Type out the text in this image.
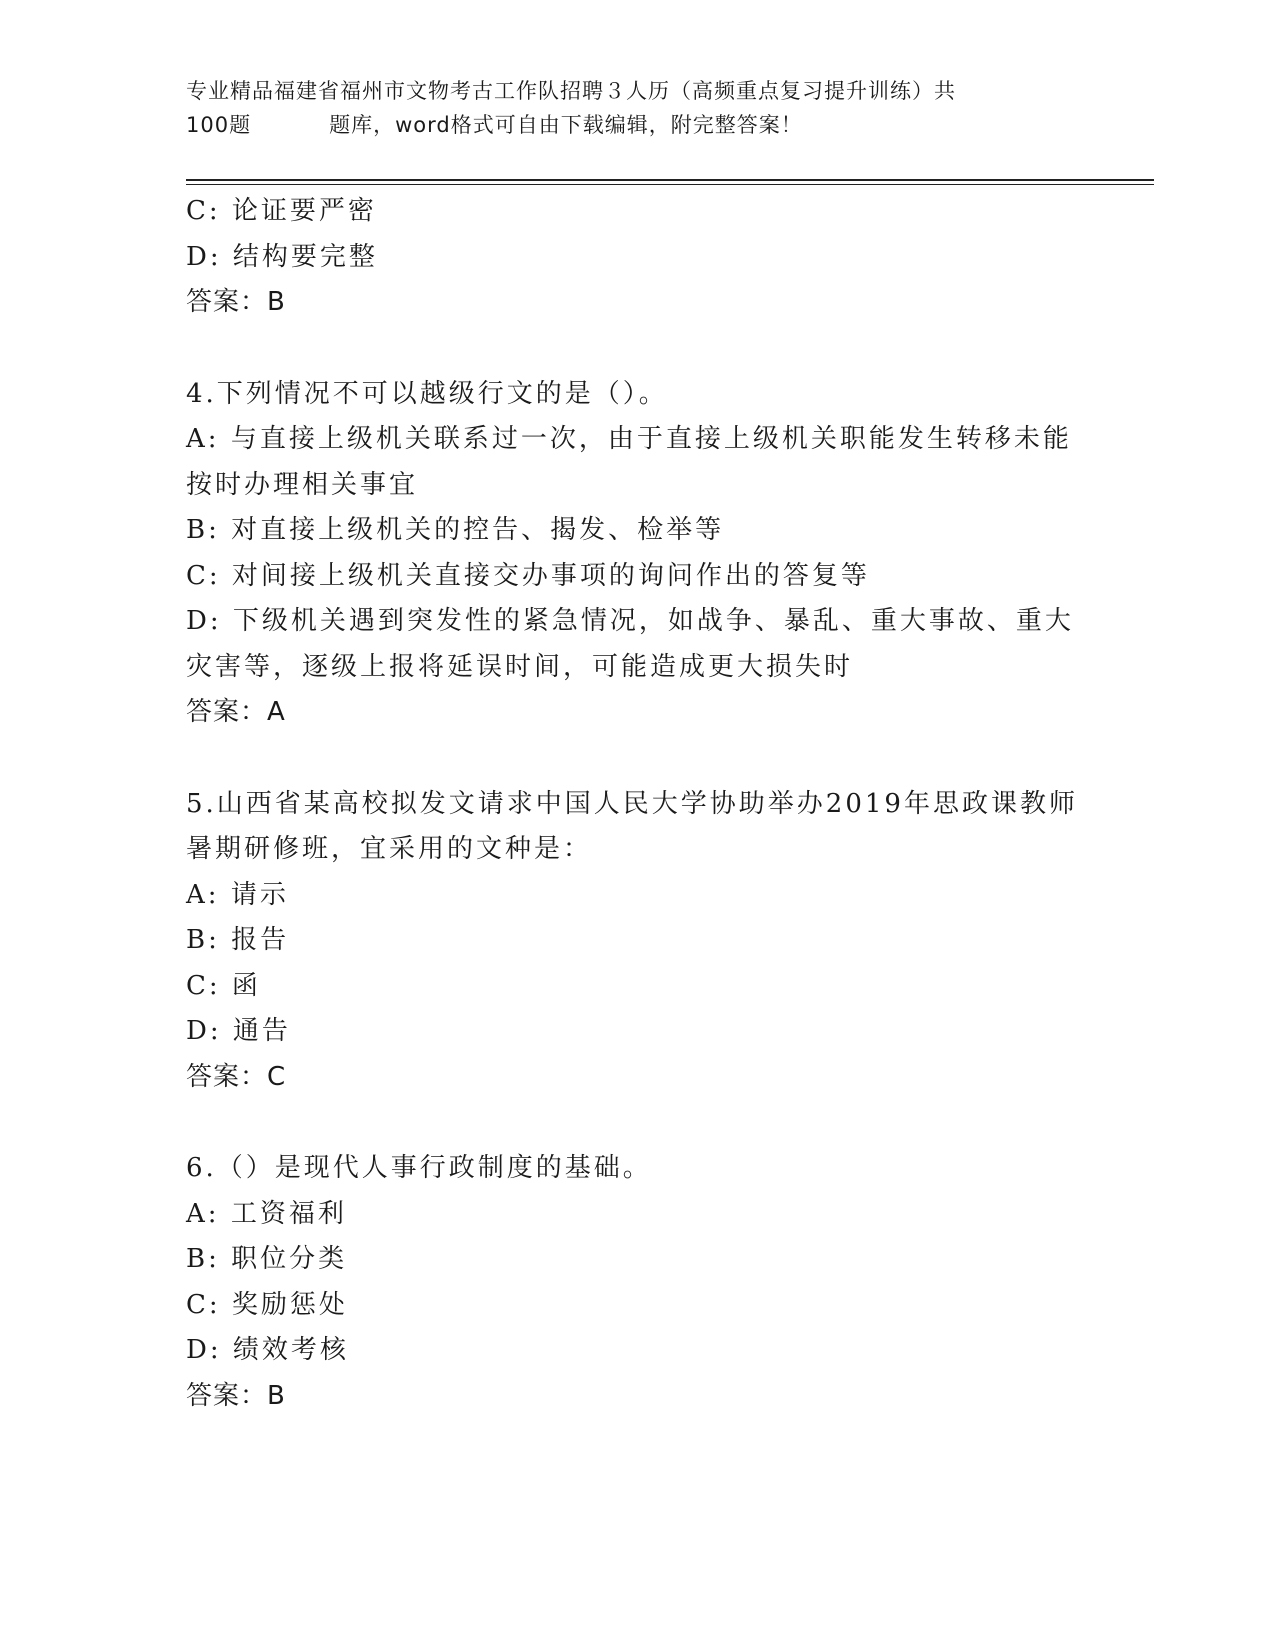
专业精品福建省福州市文物考古工作队招聘３人历（高频重点复习提升训练）共
100题	题库，word格式可自由下载编辑，附完整答案！
C: 论证要严密
D: 结构要完整
答案：B
4.下列情况不可以越级行文的是（）。
A: 与直接上级机关联系过一次，由于直接上级机关职能发生转移未能
按时办理相关事宜
B: 对直接上级机关的控告、揭发、检举等
C: 对间接上级机关直接交办事项的询问作出的答复等
D: 下级机关遇到突发性的紧急情况，如战争、暴乱、重大事故、重大
灾害等，逐级上报将延误时间，可能造成更大损失时
答案：A
5.山西省某高校拟发文请求中国人民大学协助举办2019年思政课教师
暑期研修班，宜采用的文种是：
A: 请示
B: 报告
C: 函
D: 通告
答案：C
6.（）是现代人事行政制度的基础。
A: 工资福利
B: 职位分类
C: 奖励惩处
D: 绩效考核
答案：B
